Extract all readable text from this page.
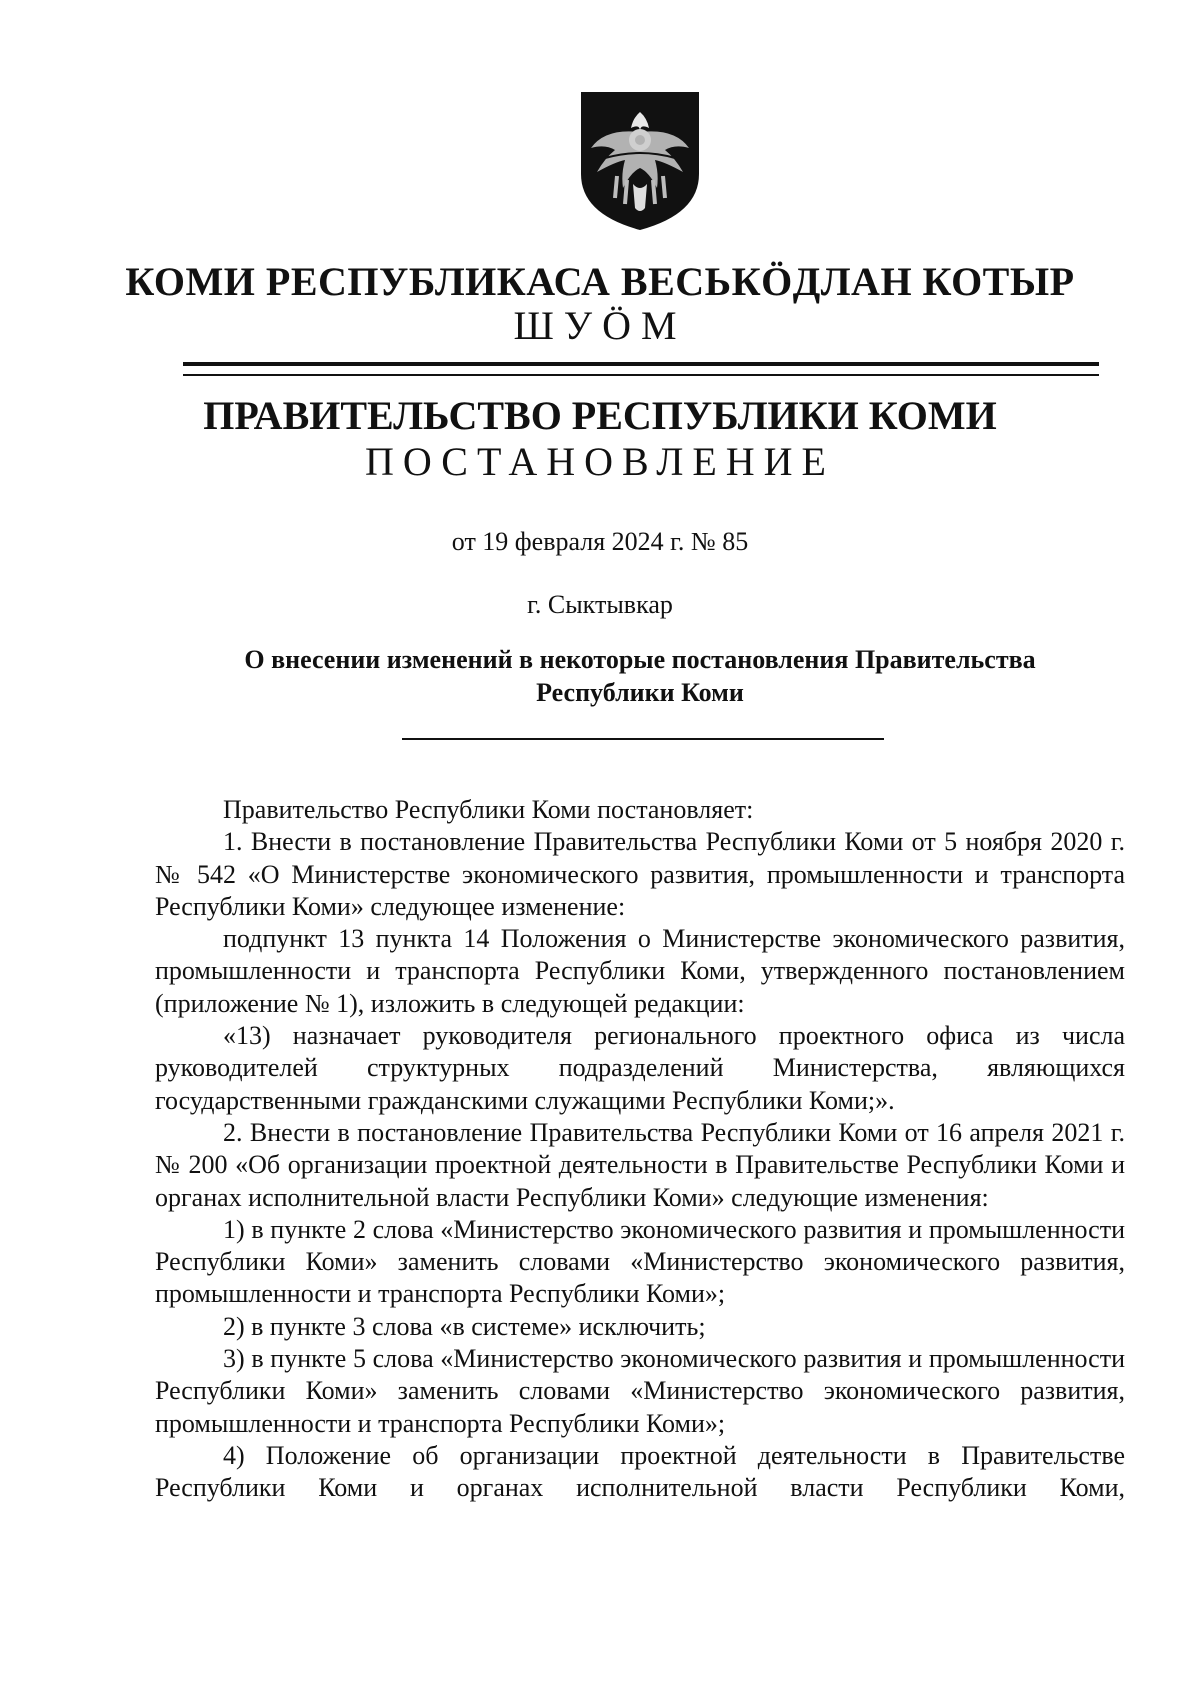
КОМИ РЕСПУБЛИКАСА ВЕСЬКӦДЛАН КОТЫР
ШУӦМ
ПРАВИТЕЛЬСТВО РЕСПУБЛИКИ КОМИ
ПОСТАНОВЛЕНИЕ
от 19 февраля 2024 г. № 85
г. Сыктывкар
О внесении изменений в некоторые постановления Правительства Республики Коми

Правительство Республики Коми постановляет:

1. Внести в постановление Правительства Республики Коми от 5 ноября 2020 г. № 542 «О Министерстве экономического развития, промышленности и транспорта Республики Коми» следующее изменение:

подпункт 13 пункта 14 Положения о Министерстве экономического развития, промышленности и транспорта Республики Коми, утвержденного постановлением (приложение № 1), изложить в следующей редакции:

«13) назначает руководителя регионального проектного офиса из числа руководителей структурных подразделений Министерства, являющихся государственными гражданскими служащими Республики Коми;».

2. Внести в постановление Правительства Республики Коми от 16 апреля 2021 г. № 200 «Об организации проектной деятельности в Правительстве Республики Коми и органах исполнительной власти Республики Коми» следующие изменения:

1) в пункте 2 слова «Министерство экономического развития и промышленности Республики Коми» заменить словами «Министерство экономического развития, промышленности и транспорта Республики Коми»;

2) в пункте 3 слова «в системе» исключить;

3) в пункте 5 слова «Министерство экономического развития и промышленности Республики Коми» заменить словами «Министерство экономического развития, промышленности и транспорта Республики Коми»;

4) Положение об организации проектной деятельности в Правительстве Республики Коми и органах исполнительной власти Республики Коми,
